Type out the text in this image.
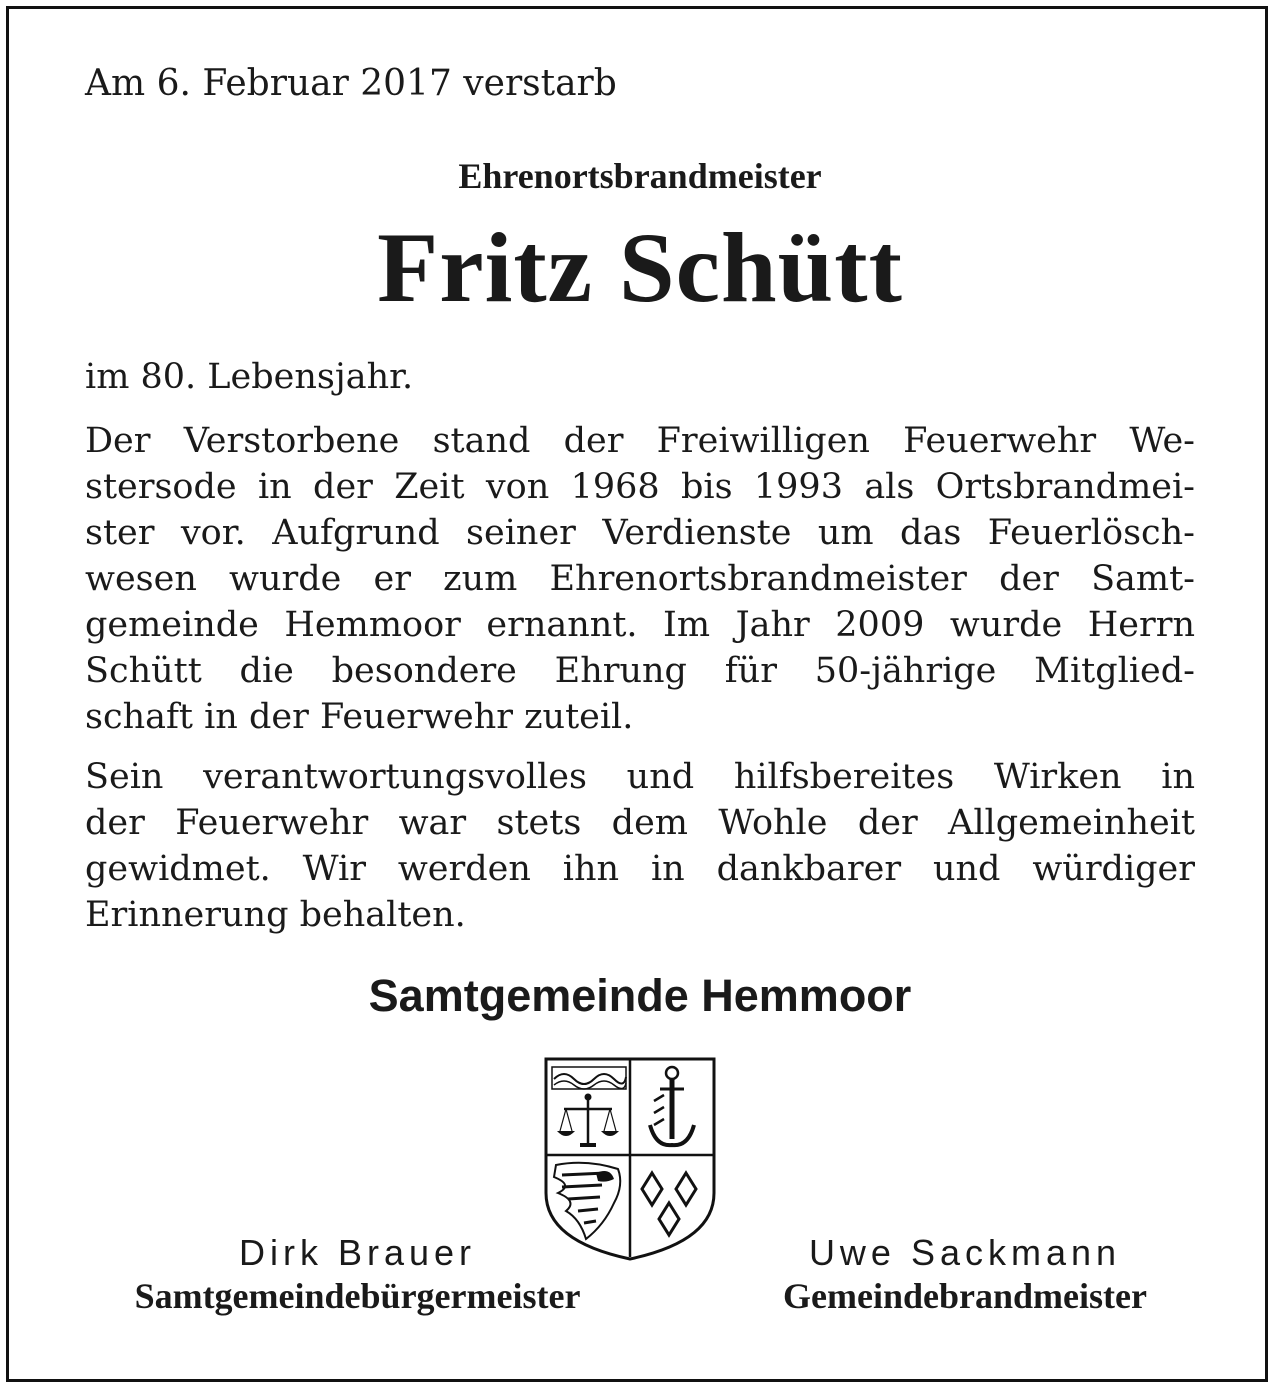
Am 6. Februar 2017 verstarb
Ehrenortsbrandmeister
Fritz Schütt
im 80. Lebensjahr.
Der Verstorbene stand der Freiwilligen Feuerwehr We-
stersode in der Zeit von 1968 bis 1993 als Ortsbrandmei-
ster vor. Aufgrund seiner Verdienste um das Feuerlösch-
wesen wurde er zum Ehrenortsbrandmeister der Samt-
gemeinde Hemmoor ernannt. Im Jahr 2009 wurde Herrn
Schütt die besondere Ehrung für 50-jährige Mitglied-
schaft in der Feuerwehr zuteil.
Sein verantwortungsvolles und hilfsbereites Wirken in
der Feuerwehr war stets dem Wohle der Allgemeinheit
gewidmet. Wir werden ihn in dankbarer und würdiger
Erinnerung behalten.
Samtgemeinde Hemmoor
Dirk Brauer
Samtgemeindebürgermeister
Uwe Sackmann
Gemeindebrandmeister
